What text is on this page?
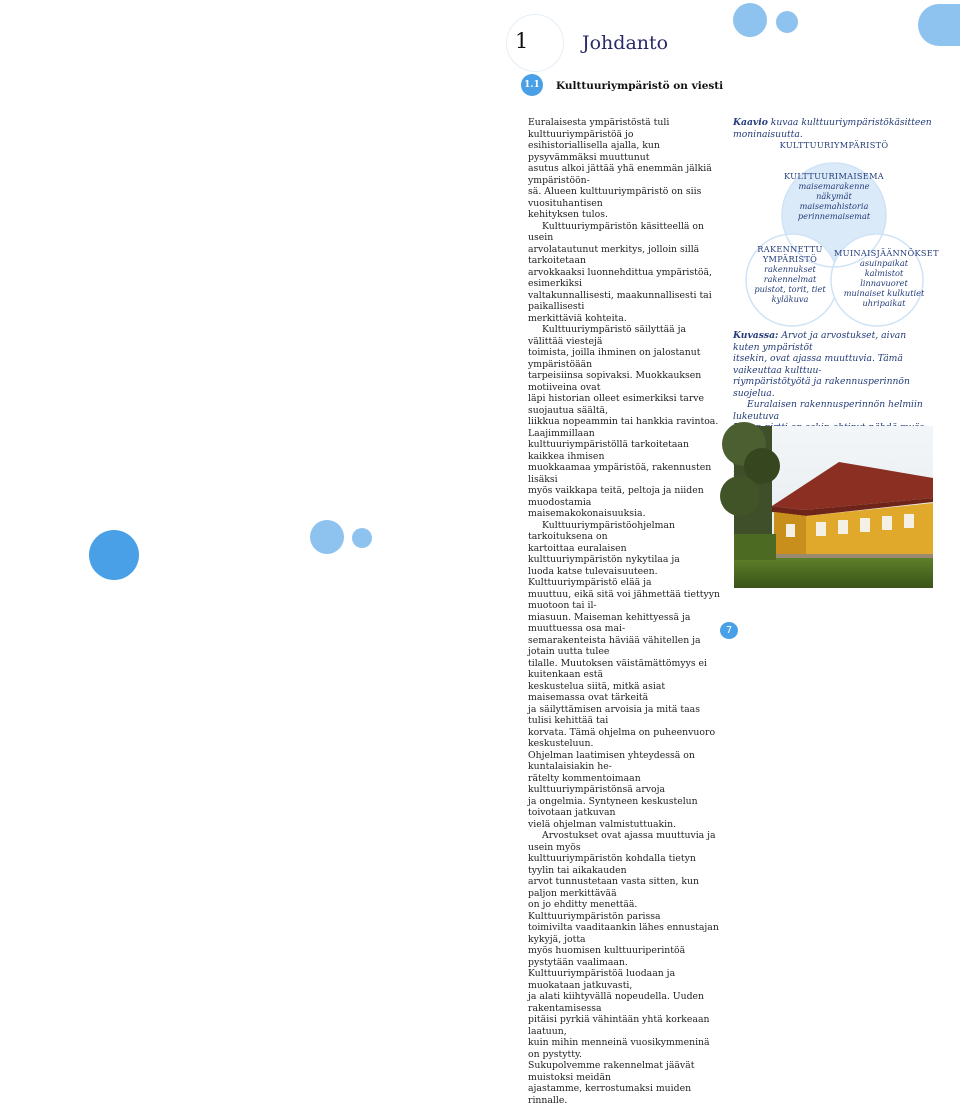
1	Johdanto
1.1	Kulttuuriympäristö on viesti

Euralaisesta ympäristöstä tuli kulttuuriympäristöä jo
esihistoriallisella ajalla, kun pysyvämmäksi muuttunut
asutus alkoi jättää yhä enemmän jälkiä ympäristöön-
sä. Alueen kulttuuriympäristö on siis vuosituhantisen
kehityksen tulos.

Kulttuuriympäristön käsitteellä on usein
arvolatautunut merkitys, jolloin sillä tarkoitetaan
arvokkaaksi luonnehdittua ympäristöä, esimerkiksi
valtakunnallisesti, maakunnallisesti tai paikallisesti
merkittäviä kohteita.

Kulttuuriympäristö säilyttää ja välittää viestejä
toimista, joilla ihminen on jalostanut ympäristöään
tarpeisiinsa sopivaksi. Muokkauksen motiiveina ovat
läpi historian olleet esimerkiksi tarve suojautua säältä,
liikkua nopeammin tai hankkia ravintoa. Laajimmillaan
kulttuuriympäristöllä tarkoitetaan kaikkea ihmisen
muokkaamaa ympäristöä, rakennusten lisäksi
myös vaikkapa teitä, peltoja ja niiden muodostamia
maisemakokonaisuuksia.

Kulttuuriympäristöohjelman tarkoituksena on
kartoittaa euralaisen kulttuuriympäristön nykytilaa ja
luoda katse tulevaisuuteen. Kulttuuriympäristö elää ja
muuttuu, eikä sitä voi jähmettää tiettyyn muotoon tai il-
miasuun. Maiseman kehittyessä ja muuttuessa osa mai-
semarakenteista häviää vähitellen ja jotain uutta tulee
tilalle. Muutoksen väistämättömyys ei kuitenkaan estä
keskustelua siitä, mitkä asiat maisemassa ovat tärkeitä
ja säilyttämisen arvoisia ja mitä taas tulisi kehittää tai
korvata. Tämä ohjelma on puheenvuoro keskusteluun.
Ohjelman laatimisen yhteydessä on kuntalaisiakin he-
rätelty kommentoimaan kulttuuriympäristönsä arvoja
ja ongelmia. Syntyneen keskustelun toivotaan jatkuvan
vielä ohjelman valmistuttuakin.

Arvostukset ovat ajassa muuttuvia ja usein myös
kulttuuriympäristön kohdalla tietyn tyylin tai aikakauden
arvot tunnustetaan vasta sitten, kun paljon merkittävää
on jo ehditty menettää. Kulttuuriympäristön parissa
toimivilta vaaditaankin lähes ennustajan kykyjä, jotta
myös huomisen kulttuuriperintöä pystytään vaalimaan.
Kulttuuriympäristöä luodaan ja muokataan jatkuvasti,
ja alati kiihtyvällä nopeudella. Uuden rakentamisessa
pitäisi pyrkiä vähintään yhtä korkeaan laatuun,
kuin mihin menneinä vuosikymmeninä on pystytty.
Sukupolvemme rakennelmat jäävät muistoksi meidän
ajastamme, kerrostumaksi muiden rinnalle.

Kaavio kuvaa kulttuuriympäristökäsitteen moninaisuutta.
KULTTUURIYMPÄRISTÖ
KULTTUURIMAISEMA
maisemarakenne
näkymät
maisemahistoria
perinnemaisemat
RAKENNETTU
YMPÄRISTÖ
rakennukset
rakennelmat
puistot, torit, tiet
kyläkuva
MUINAISJÄÄNNÖKSET
asuinpaikat
kalmistot
linnavuoret
muinaiset kulkutiet
uhripaikat
Kuvassa: Arvot ja arvostukset, aivan kuten ympäristöt
itsekin, ovat ajassa muuttuvia. Tämä vaikeuttaa kulttuu-
riympäristötyötä ja rakennusperinnön suojelua.
Euralaisen rakennusperinnön helmiin lukeutuva
7
